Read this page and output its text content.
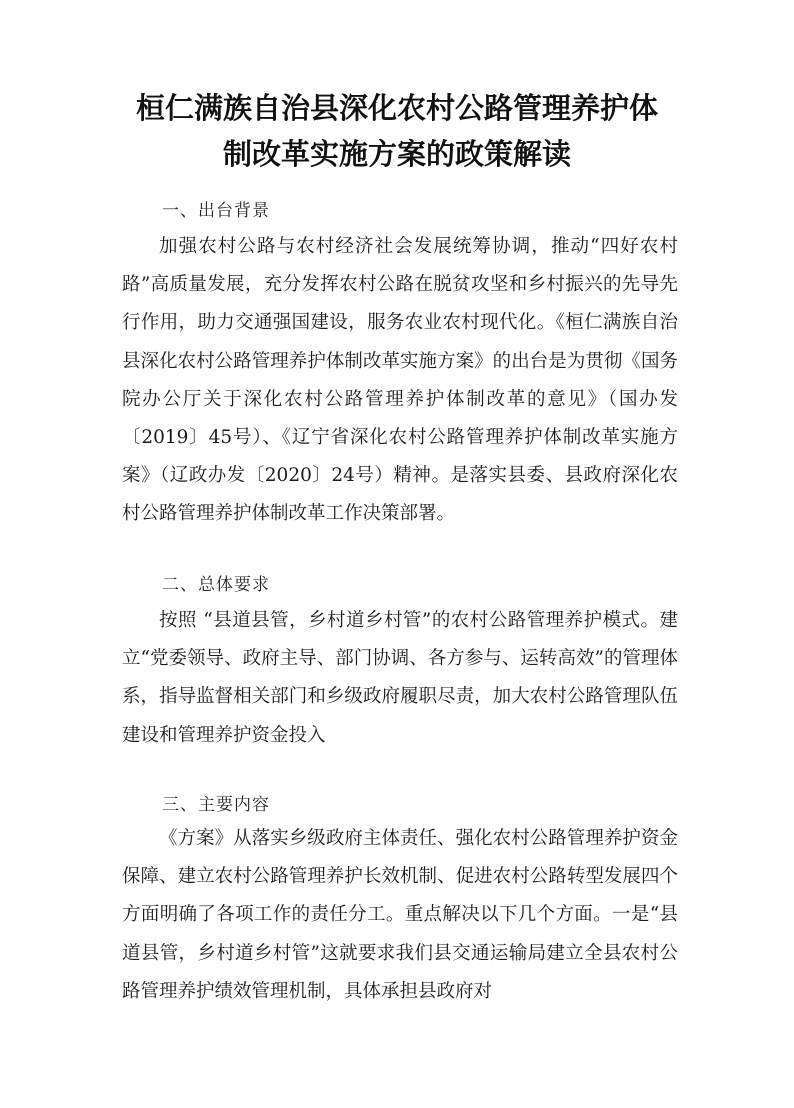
桓仁满族自治县深化农村公路管理养护体
制改革实施方案的政策解读

一、出台背景

加强农村公路与农村经济社会发展统筹协调，推动“四好农村路”高质量发展，充分发挥农村公路在脱贫攻坚和乡村振兴的先导先行作用，助力交通强国建设，服务农业农村现代化。《桓仁满族自治县深化农村公路管理养护体制改革实施方案》的出台是为贯彻《国务院办公厅关于深化农村公路管理养护体制改革的意见》（国办发〔2019〕45号）、《辽宁省深化农村公路管理养护体制改革实施方案》（辽政办发〔2020〕24号）精神。是落实县委、县政府深化农村公路管理养护体制改革工作决策部署。

二、总体要求

按照 “县道县管，乡村道乡村管”的农村公路管理养护模式。建立“党委领导、政府主导、部门协调、各方参与、运转高效”的管理体系，指导监督相关部门和乡级政府履职尽责，加大农村公路管理队伍建设和管理养护资金投入

三、主要内容

《方案》从落实乡级政府主体责任、强化农村公路管理养护资金保障、建立农村公路管理养护长效机制、促进农村公路转型发展四个方面明确了各项工作的责任分工。重点解决以下几个方面。一是“县道县管，乡村道乡村管”这就要求我们县交通运输局建立全县农村公路管理养护绩效管理机制，具体承担县政府对
